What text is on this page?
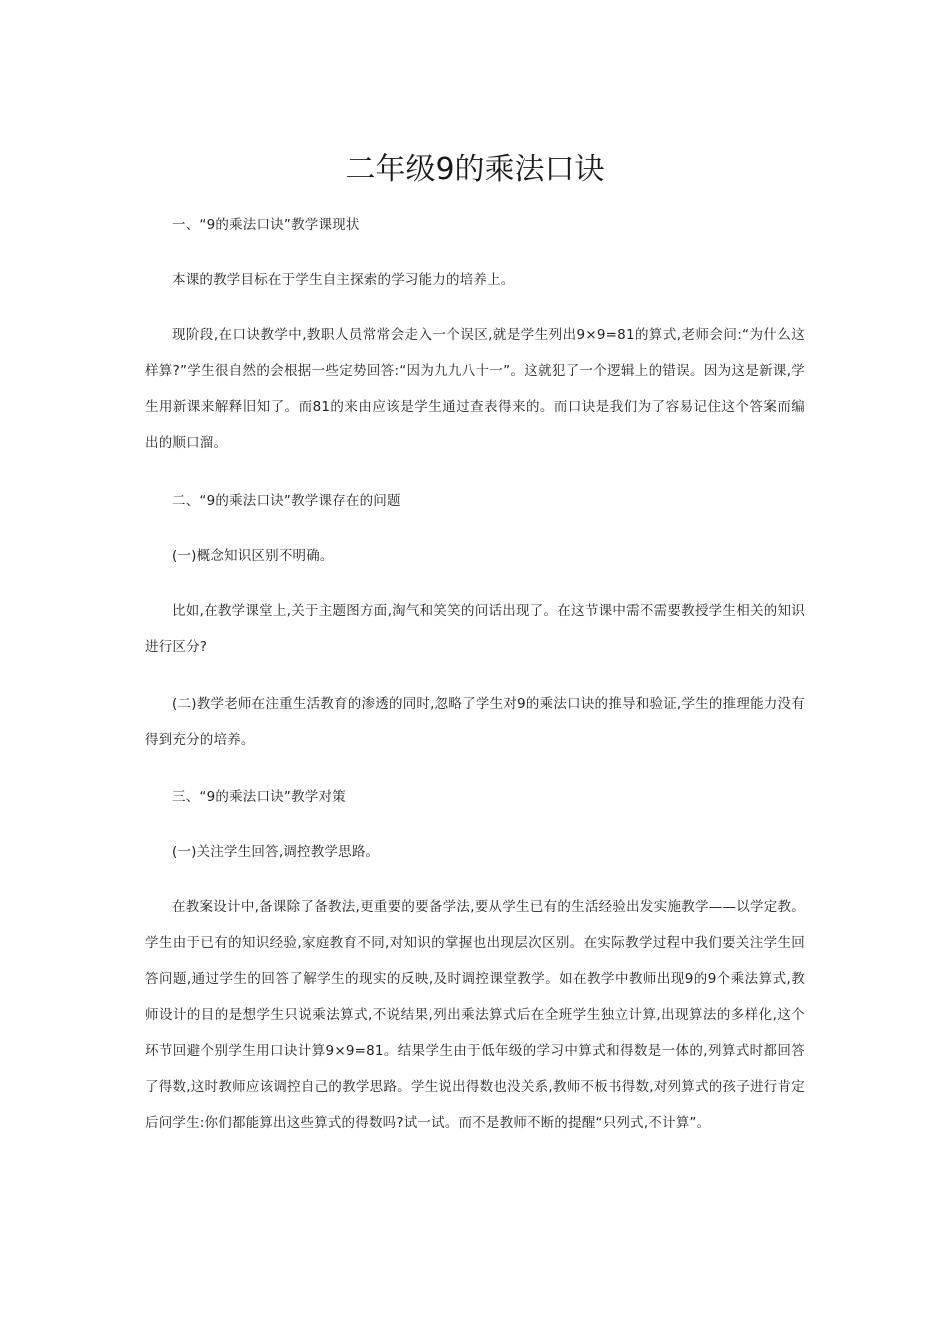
二年级9的乘法口诀

一、“9的乘法口诀”教学课现状

本课的教学目标在于学生自主探索的学习能力的培养上。

现阶段,在口诀教学中,教职人员常常会走入一个误区,就是学生列出9×9=81的算式,老师会问:“为什么这样算?”学生很自然的会根据一些定势回答:“因为九九八十一”。这就犯了一个逻辑上的错误。因为这是新课,学生用新课来解释旧知了。而81的来由应该是学生通过查表得来的。而口诀是我们为了容易记住这个答案而编出的顺口溜。

二、“9的乘法口诀”教学课存在的问题

(一)概念知识区别不明确。

比如,在教学课堂上,关于主题图方面,淘气和笑笑的问话出现了。在这节课中需不需要教授学生相关的知识进行区分?

(二)教学老师在注重生活教育的渗透的同时,忽略了学生对9的乘法口诀的推导和验证,学生的推理能力没有得到充分的培养。

三、“9的乘法口诀”教学对策

(一)关注学生回答,调控教学思路。

在教案设计中,备课除了备教法,更重要的要备学法,要从学生已有的生活经验出发实施教学——以学定教。学生由于已有的知识经验,家庭教育不同,对知识的掌握也出现层次区别。在实际教学过程中我们要关注学生回答问题,通过学生的回答了解学生的现实的反映,及时调控课堂教学。如在教学中教师出现9的9个乘法算式,教师设计的目的是想学生只说乘法算式,不说结果,列出乘法算式后在全班学生独立计算,出现算法的多样化,这个环节回避个别学生用口诀计算9×9=81。结果学生由于低年级的学习中算式和得数是一体的,列算式时都回答了得数,这时教师应该调控自己的教学思路。学生说出得数也没关系,教师不板书得数,对列算式的孩子进行肯定后问学生:你们都能算出这些算式的得数吗?试一试。而不是教师不断的提醒“只列式,不计算”。
